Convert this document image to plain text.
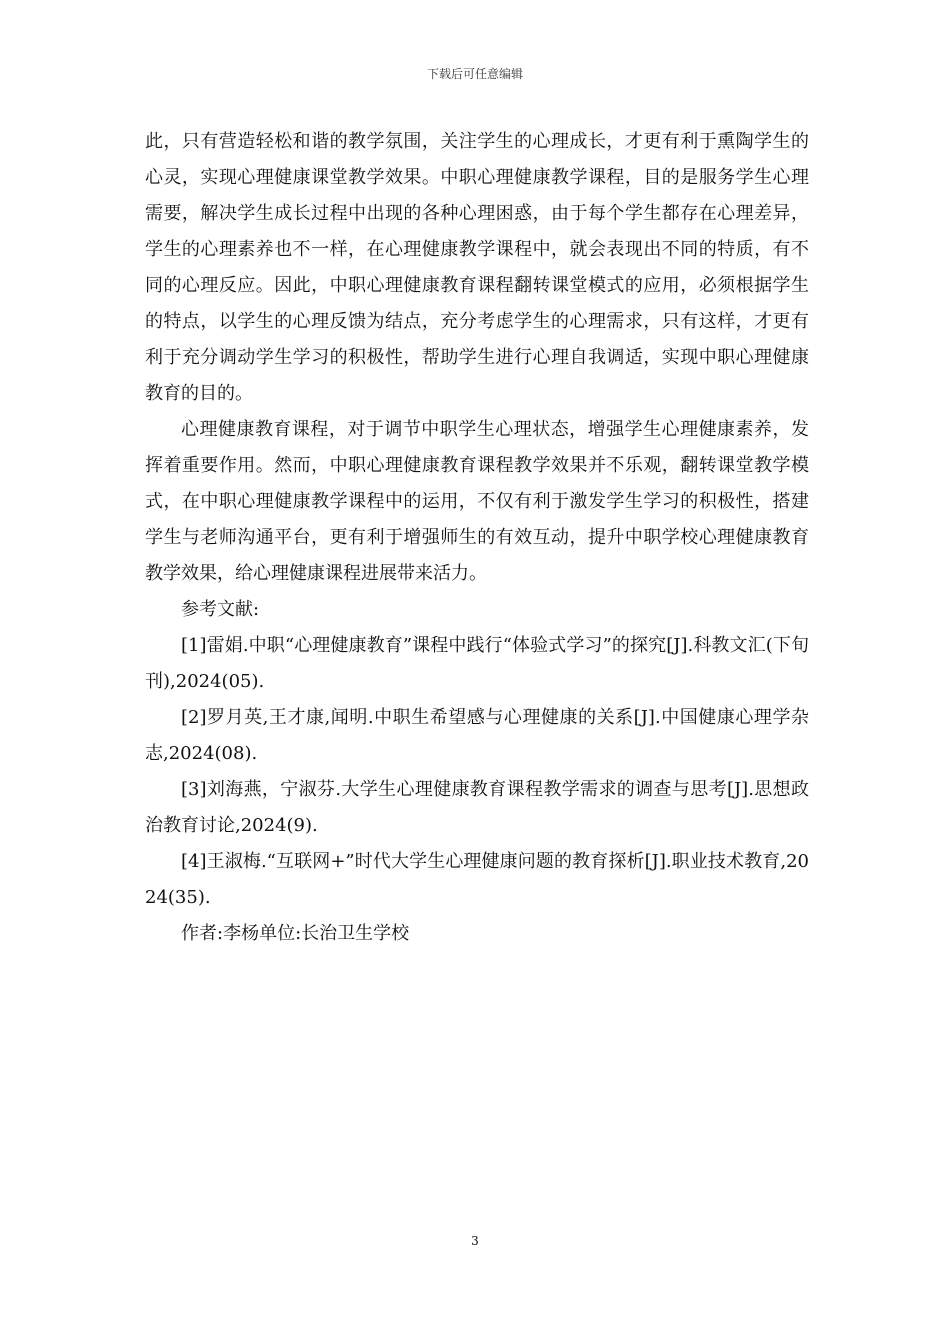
下载后可任意编辑

此，只有营造轻松和谐的教学氛围，关注学生的心理成长，才更有利于熏陶学生的心灵，实现心理健康课堂教学效果。中职心理健康教学课程，目的是服务学生心理需要，解决学生成长过程中出现的各种心理困惑，由于每个学生都存在心理差异，学生的心理素养也不一样，在心理健康教学课程中，就会表现出不同的特质，有不同的心理反应。因此，中职心理健康教育课程翻转课堂模式的应用，必须根据学生的特点，以学生的心理反馈为结点，充分考虑学生的心理需求，只有这样，才更有利于充分调动学生学习的积极性，帮助学生进行心理自我调适，实现中职心理健康教育的目的。

心理健康教育课程，对于调节中职学生心理状态，增强学生心理健康素养，发挥着重要作用。然而，中职心理健康教育课程教学效果并不乐观，翻转课堂教学模式，在中职心理健康教学课程中的运用，不仅有利于激发学生学习的积极性，搭建学生与老师沟通平台，更有利于增强师生的有效互动，提升中职学校心理健康教育教学效果，给心理健康课程进展带来活力。

参考文献:

[1]雷娟.中职“心理健康教育”课程中践行“体验式学习”的探究[J].科教文汇(下旬刊),2024(05).

[2]罗月英,王才康,闻明.中职生希望感与心理健康的关系[J].中国健康心理学杂志,2024(08).

[3]刘海燕，宁淑芬.大学生心理健康教育课程教学需求的调查与思考[J].思想政治教育讨论,2024(9).

[4]王淑梅.“互联网+”时代大学生心理健康问题的教育探析[J].职业技术教育,2024(35).

作者:李杨单位:长治卫生学校

3
